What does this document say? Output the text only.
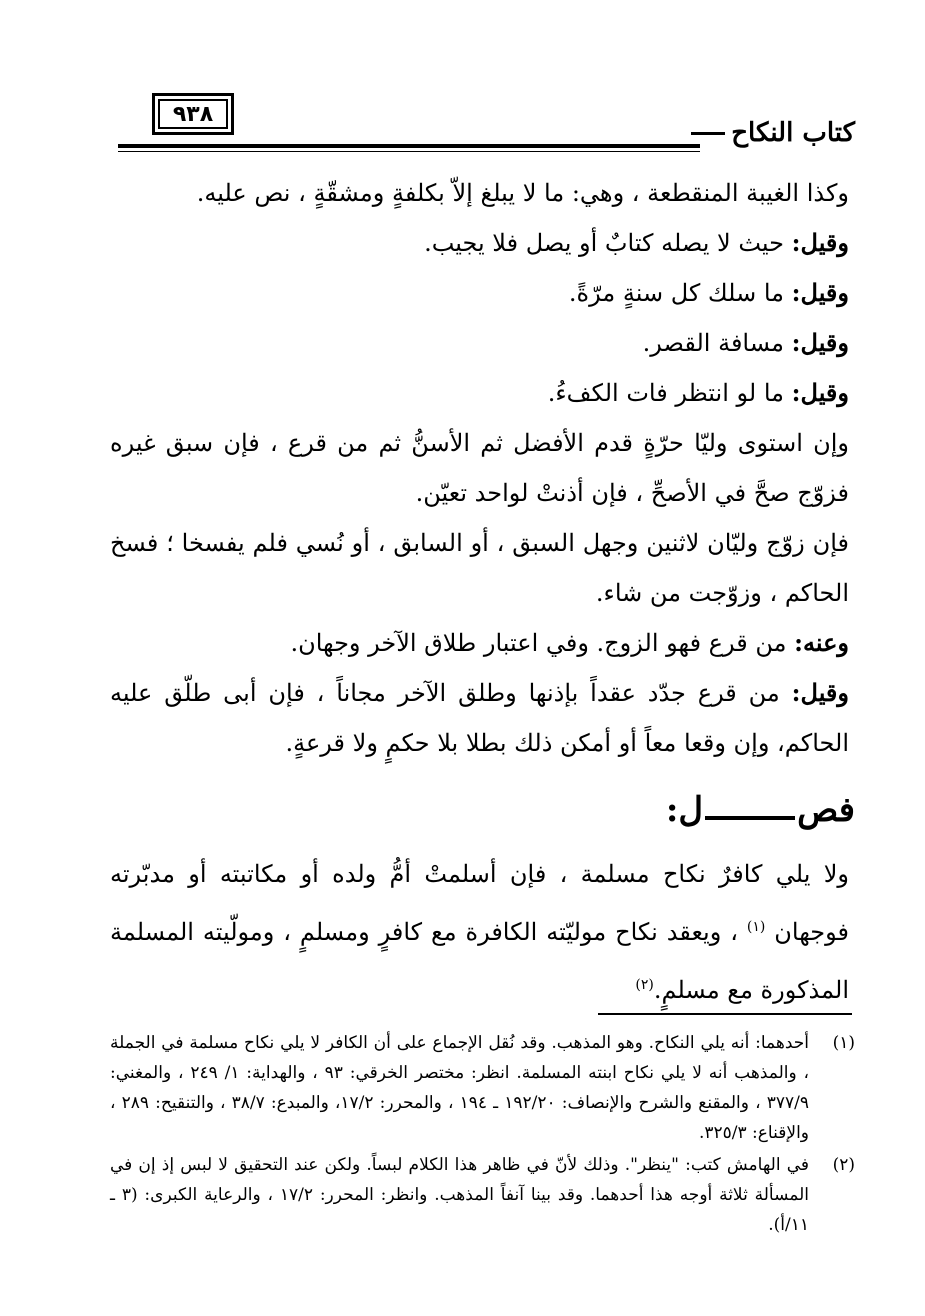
٩٣٨
كتاب النكاح

وكذا الغيبة المنقطعة ، وهي: ما لا يبلغ إلاّ بكلفةٍ ومشقّةٍ ، نص عليه.

وقيل: حيث لا يصله كتابٌ أو يصل فلا يجيب.

وقيل: ما سلك كل سنةٍ مرّةً.

وقيل: مسافة القصر.

وقيل: ما لو انتظر فات الكفءُ.

وإن استوى وليّا حرّةٍ قدم الأفضل ثم الأسنُّ ثم من قرع ، فإن سبق غيره فزوّج صحَّ في الأصحِّ ، فإن أذنتْ لواحد تعيّن.

فإن زوّج وليّان لاثنين وجهل السبق ، أو السابق ، أو نُسي فلم يفسخا ؛ فسخ الحاكم ، وزوّجت من شاء.

وعنه: من قرع فهو الزوج. وفي اعتبار طلاق الآخر وجهان.

وقيل: من قرع جدّد عقداً بإذنها وطلق الآخر مجاناً ، فإن أبى طلّق عليه الحاكم، وإن وقعا معاً أو أمكن ذلك بطلا بلا حكمٍ ولا قرعةٍ.

فص
ل:

ولا يلي كافرٌ نكاح مسلمة ، فإن أسلمتْ أمُّ ولده أو مكاتبته أو مدبّرته فوجهان $^{(١)}$ ، ويعقد نكاح موليّته الكافرة مع كافرٍ ومسلمٍ ، ومولّيته المسلمة المذكورة مع مسلمٍ.$^{(٢)}$

(١)
أحدهما: أنه يلي النكاح. وهو المذهب. وقد نُقل الإجماع على أن الكافر لا يلي نكاح مسلمة في الجملة ، والمذهب أنه لا يلي نكاح ابنته المسلمة. انظر: مختصر الخرقي: ٩٣ ، والهداية: ١/ ٢٤٩ ، والمغني: ٣٧٧/٩ ، والمقنع والشرح والإنصاف: ١٩٢/٢٠ ـ ١٩٤ ، والمحرر: ١٧/٢، والمبدع: ٣٨/٧ ، والتنقيح: ٢٨٩ ، والإقناع: ٣٢٥/٣.
(٢)
في الهامش كتب: "ينظر". وذلك لأنّ في ظاهر هذا الكلام لبساً. ولكن عند التحقيق لا لبس إذ إن في المسألة ثلاثة أوجه هذا أحدهما. وقد بينا آنفاً المذهب. وانظر: المحرر: ١٧/٢ ، والرعاية الكبرى: (٣ ـ ١١/أ).
